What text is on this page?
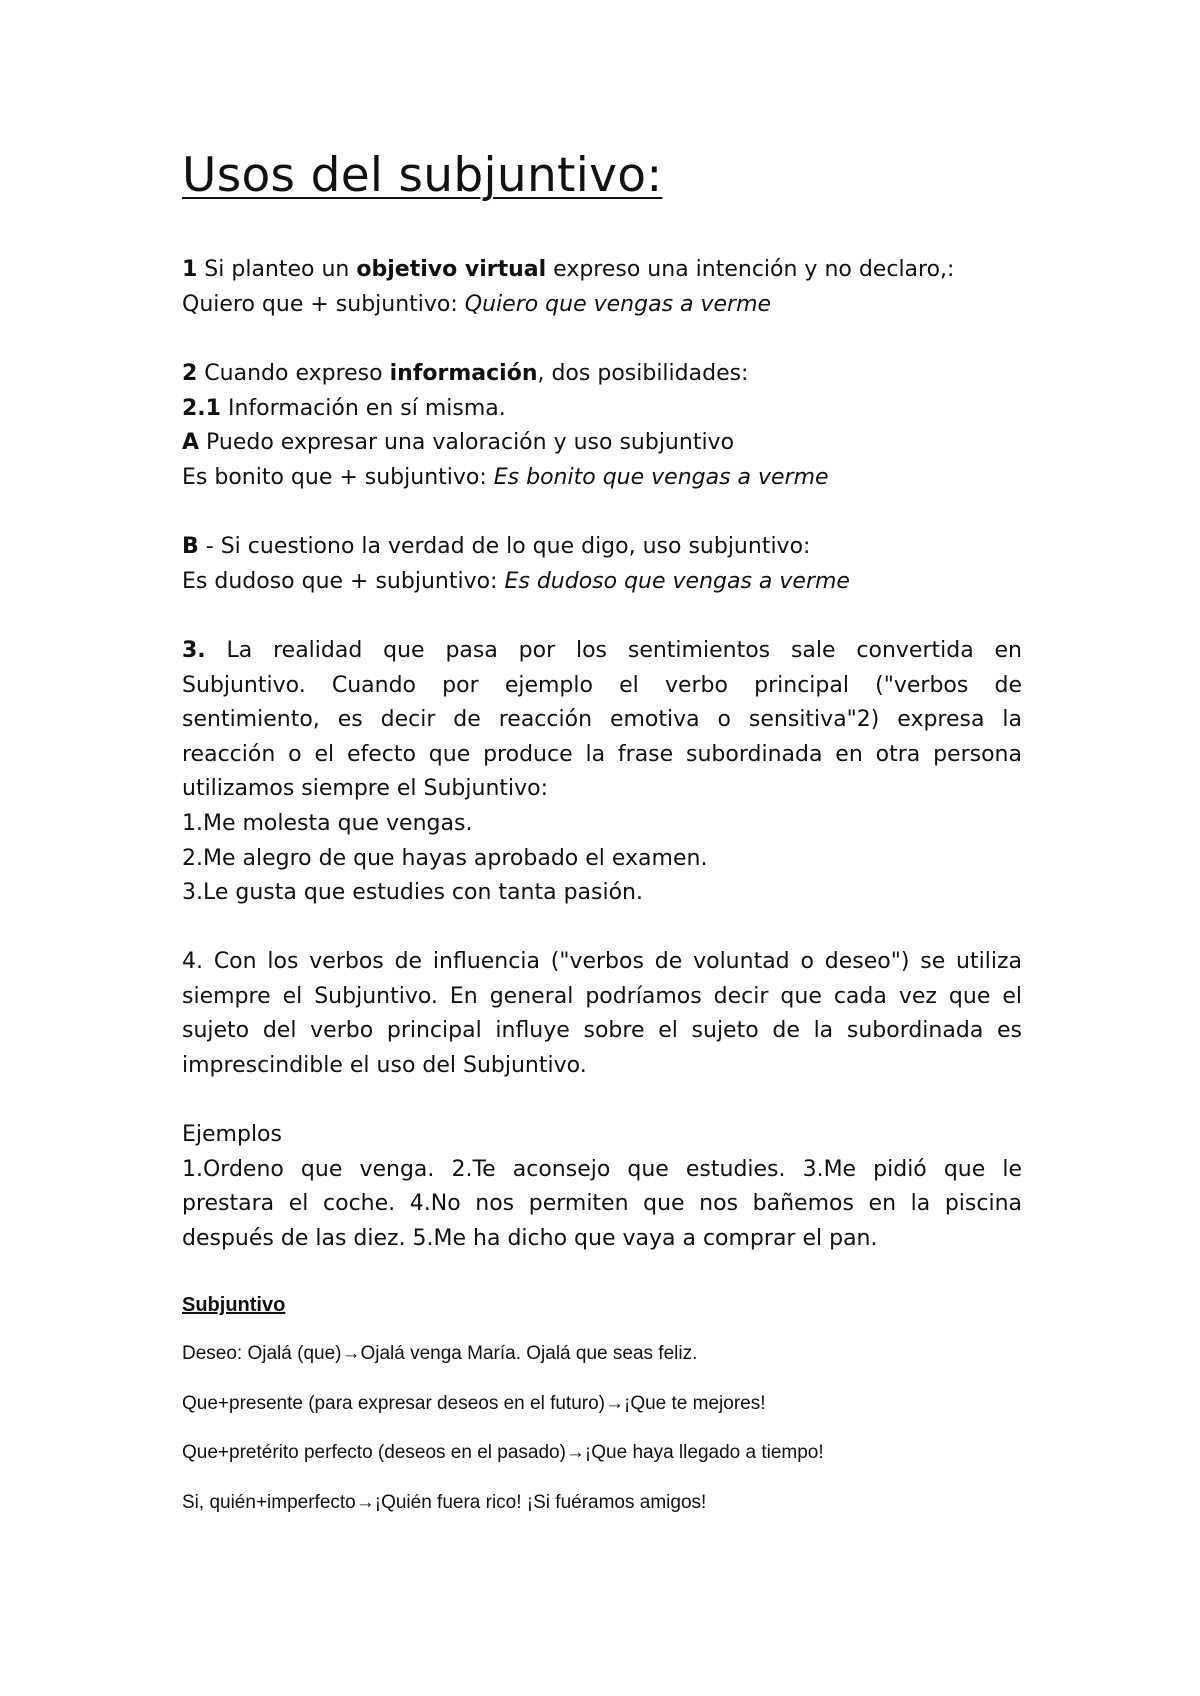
Usos del subjuntivo:
1 Si planteo un objetivo virtual expreso una intención y no declaro,:
Quiero que + subjuntivo: Quiero que vengas a verme
2 Cuando expreso información, dos posibilidades:
2.1 Información en sí misma.
A Puedo expresar una valoración y uso subjuntivo
Es bonito que + subjuntivo: Es bonito que vengas a verme
B - Si cuestiono la verdad de lo que digo, uso subjuntivo:
Es dudoso que + subjuntivo: Es dudoso que vengas a verme
3. La realidad que pasa por los sentimientos sale convertida en
Subjuntivo. Cuando por ejemplo el verbo principal ("verbos de
sentimiento, es decir de reacción emotiva o sensitiva"2) expresa la
reacción o el efecto que produce la frase subordinada en otra persona
utilizamos siempre el Subjuntivo:
1.Me molesta que vengas.
2.Me alegro de que hayas aprobado el examen.
3.Le gusta que estudies con tanta pasión.
4. Con los verbos de influencia ("verbos de voluntad o deseo") se utiliza
siempre el Subjuntivo. En general podríamos decir que cada vez que el
sujeto del verbo principal influye sobre el sujeto de la subordinada es
imprescindible el uso del Subjuntivo.
Ejemplos
1.Ordeno que venga. 2.Te aconsejo que estudies. 3.Me pidió que le
prestara el coche. 4.No nos permiten que nos bañemos en la piscina
después de las diez. 5.Me ha dicho que vaya a comprar el pan.
Subjuntivo
Deseo: Ojalá (que)→Ojalá venga María. Ojalá que seas feliz.
Que+presente (para expresar deseos en el futuro)→¡Que te mejores!
Que+pretérito perfecto (deseos en el pasado)→¡Que haya llegado a tiempo!
Si, quién+imperfecto→¡Quién fuera rico! ¡Si fuéramos amigos!
